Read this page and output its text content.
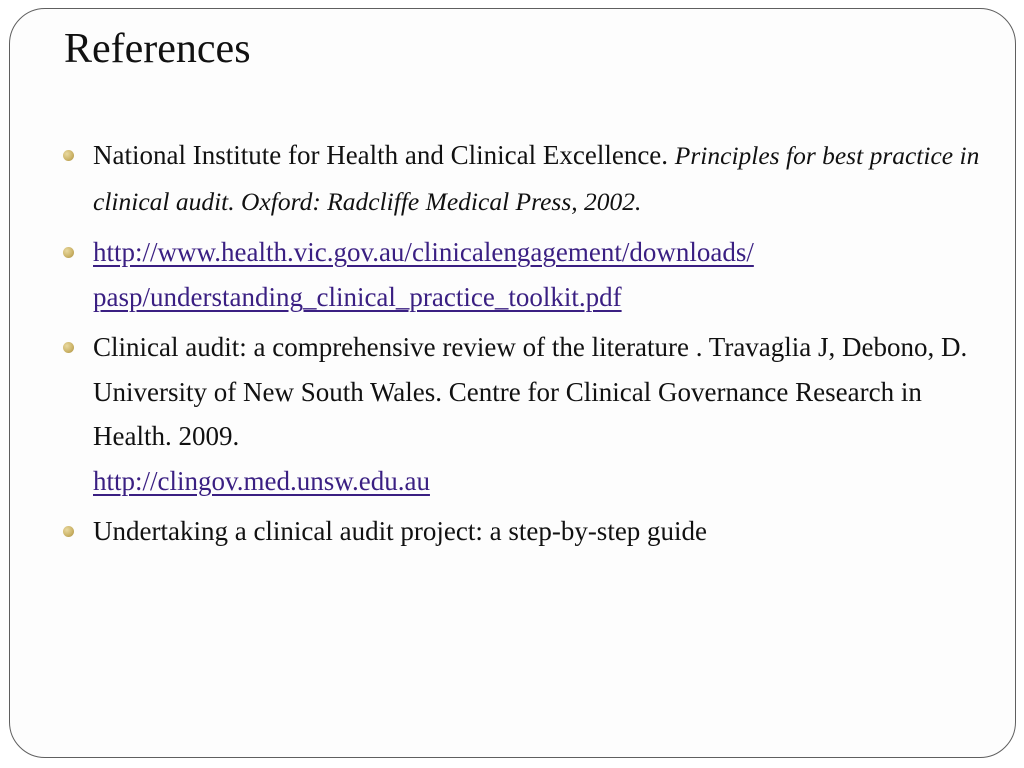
References
National Institute for Health and Clinical Excellence. Principles for best practice in clinical audit. Oxford: Radcliffe Medical Press, 2002.
http://www.health.vic.gov.au/clinicalengagement/downloads/
pasp/understanding_clinical_practice_toolkit.pdf
Clinical audit: a comprehensive review of the literature . Travaglia J, Debono, D. University of New South Wales. Centre for Clinical Governance Research in Health. 2009.
http://clingov.med.unsw.edu.au
Undertaking a clinical audit project: a step-by-step guide
